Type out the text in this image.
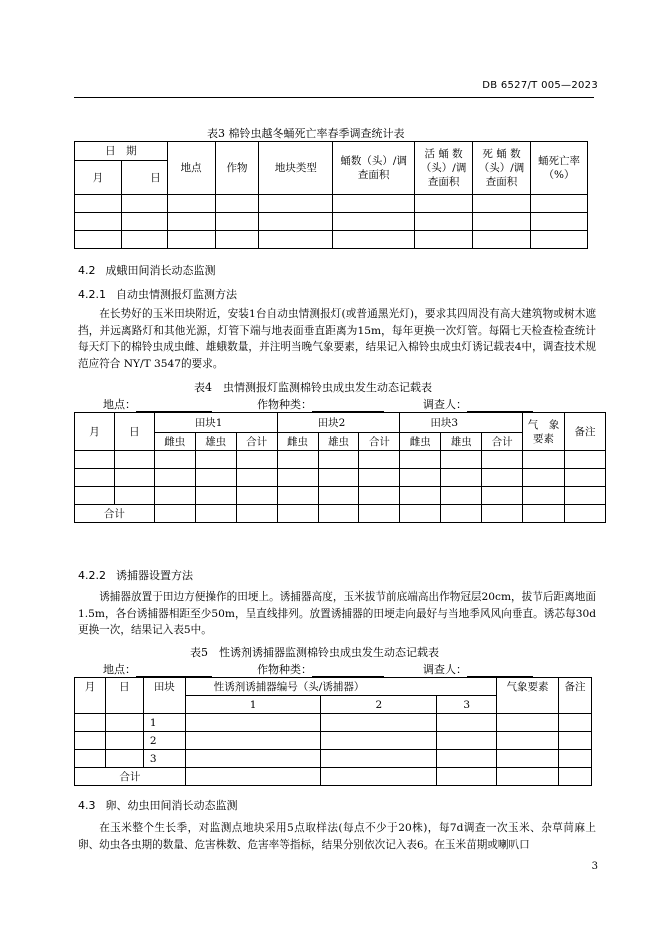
DB 6527/T 005—2023
表3 棉铃虫越冬蛹死亡率春季调查统计表
日　期		地点	作物	地块类型	蛹数（头）/调查面积	活 蛹 数（头）/调查面积	死 蛹 数（头）/调查面积	蛹死亡率（%）
月	日							

4.2 成蛾田间消长动态监测
4.2.1 自动虫情测报灯监测方法
在长势好的玉米田块附近，安装1台自动虫情测报灯(或普通黑光灯)，要求其四周没有高大建筑物或树木遮挡，并远离路灯和其他光源，灯管下端与地表面垂直距离为15m，每年更换一次灯管。每隔七天检查检查统计每天灯下的棉铃虫成虫雌、雄蛾数量，并注明当晚气象要素，结果记入棉铃虫成虫灯诱记载表4中，调查技术规范应符合 NY/T 3547的要求。
表4　虫情测报灯监测棉铃虫成虫发生动态记载表
地点：	作物种类：	调查人：
月	日	田块1			田块2			田块3			气　象要素	备注
		雌虫	雄虫	合计	雌虫	雄虫	合计	雌虫	雄虫	合计		

合计												
4.2.2 诱捕器设置方法
诱捕器放置于田边方便操作的田埂上。诱捕器高度，玉米拔节前底端高出作物冠层20cm，拔节后距离地面1.5m，各台诱捕器相距至少50m，呈直线排列。放置诱捕器的田埂走向最好与当地季风风向垂直。诱芯每30d更换一次，结果记入表5中。
表5　性诱剂诱捕器监测棉铃虫成虫发生动态记载表
地点：	作物种类：	调查人：
月	日	田块	性诱剂诱捕器编号（头/诱捕器）			气象要素	备注
			1	2	3		
		1					
		2					
		3					
合计							
4.3 卵、幼虫田间消长动态监测
在玉米整个生长季，对监测点地块采用5点取样法(每点不少于20株)，每7d调查一次玉米、杂草苘麻上卵、幼虫各虫期的数量、危害株数、危害率等指标，结果分别依次记入表6。在玉米苗期或喇叭口
3
